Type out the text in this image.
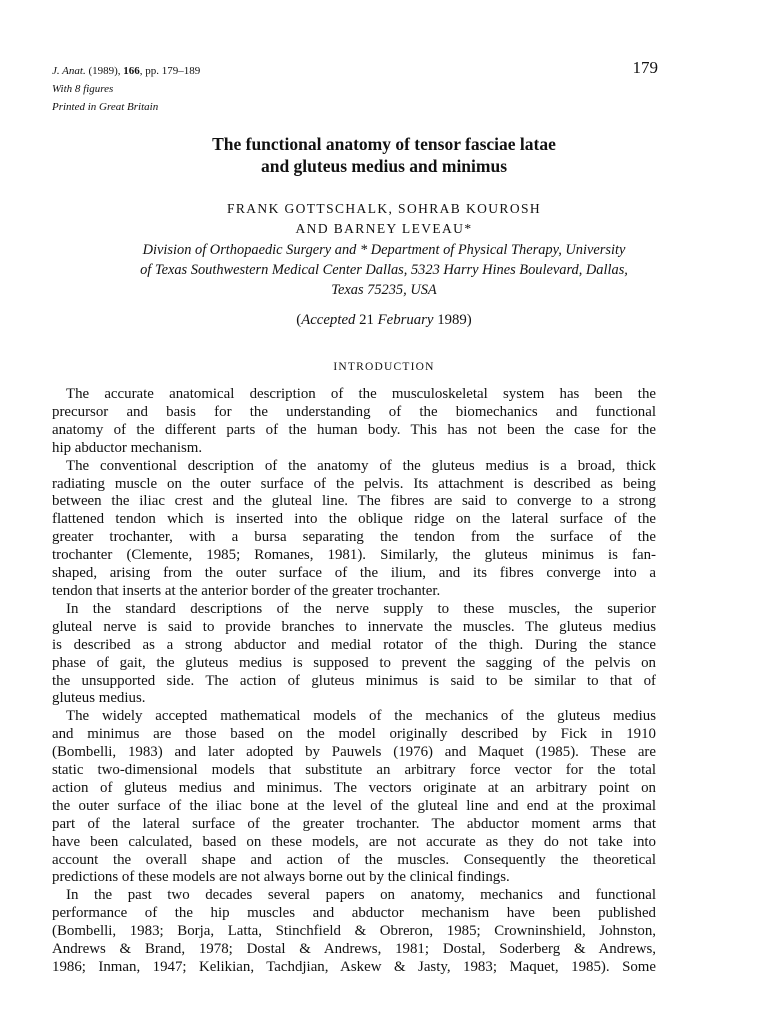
J. Anat. (1989), 166, pp. 179–189
With 8 figures
Printed in Great Britain
179
The functional anatomy of tensor fasciae latae
and gluteus medius and minimus
FRANK GOTTSCHALK, SOHRAB KOUROSH
AND BARNEY LEVEAU*
Division of Orthopaedic Surgery and * Department of Physical Therapy, University
of Texas Southwestern Medical Center Dallas, 5323 Harry Hines Boulevard, Dallas,
Texas 75235, USA
(Accepted 21 February 1989)
INTRODUCTION
The accurate anatomical description of the musculoskeletal system has been the
precursor and basis for the understanding of the biomechanics and functional
anatomy of the different parts of the human body. This has not been the case for the
hip abductor mechanism.
The conventional description of the anatomy of the gluteus medius is a broad, thick
radiating muscle on the outer surface of the pelvis. Its attachment is described as being
between the iliac crest and the gluteal line. The fibres are said to converge to a strong
flattened tendon which is inserted into the oblique ridge on the lateral surface of the
greater trochanter, with a bursa separating the tendon from the surface of the
trochanter (Clemente, 1985; Romanes, 1981). Similarly, the gluteus minimus is fan-
shaped, arising from the outer surface of the ilium, and its fibres converge into a
tendon that inserts at the anterior border of the greater trochanter.
In the standard descriptions of the nerve supply to these muscles, the superior
gluteal nerve is said to provide branches to innervate the muscles. The gluteus medius
is described as a strong abductor and medial rotator of the thigh. During the stance
phase of gait, the gluteus medius is supposed to prevent the sagging of the pelvis on
the unsupported side. The action of gluteus minimus is said to be similar to that of
gluteus medius.
The widely accepted mathematical models of the mechanics of the gluteus medius
and minimus are those based on the model originally described by Fick in 1910
(Bombelli, 1983) and later adopted by Pauwels (1976) and Maquet (1985). These are
static two-dimensional models that substitute an arbitrary force vector for the total
action of gluteus medius and minimus. The vectors originate at an arbitrary point on
the outer surface of the iliac bone at the level of the gluteal line and end at the proximal
part of the lateral surface of the greater trochanter. The abductor moment arms that
have been calculated, based on these models, are not accurate as they do not take into
account the overall shape and action of the muscles. Consequently the theoretical
predictions of these models are not always borne out by the clinical findings.
In the past two decades several papers on anatomy, mechanics and functional
performance of the hip muscles and abductor mechanism have been published
(Bombelli, 1983; Borja, Latta, Stinchfield & Obreron, 1985; Crowninshield, Johnston,
Andrews & Brand, 1978; Dostal & Andrews, 1981; Dostal, Soderberg & Andrews,
1986; Inman, 1947; Kelikian, Tachdjian, Askew & Jasty, 1983; Maquet, 1985). Some
